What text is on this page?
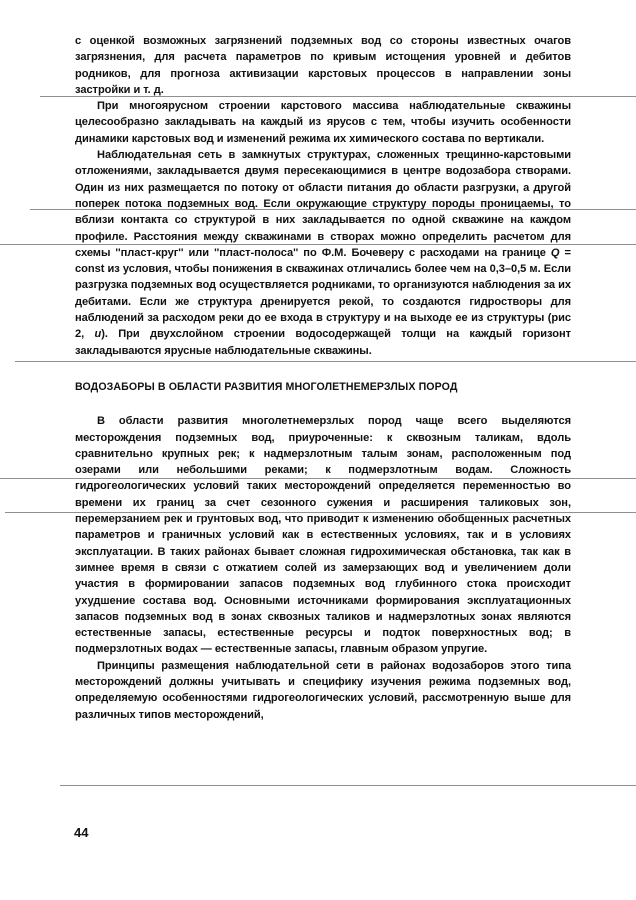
с оценкой возможных загрязнений подземных вод со стороны известных очагов загрязнения, для расчета параметров по кривым истощения уровней и дебитов родников, для прогноза активизации карстовых процессов в направлении зоны застройки и т. д.

При многоярусном строении карстового массива наблюдательные скважины целесообразно закладывать на каждый из ярусов с тем, чтобы изучить особенности динамики карстовых вод и изменений режима их химического состава по вертикали.

Наблюдательная сеть в замкнутых структурах, сложенных трещинно-карстовыми отложениями, закладывается двумя пересекающимися в центре водозабора створами. Один из них размещается по потоку от области питания до области разгрузки, а другой поперек потока подземных вод. Если окружающие структуру породы проницаемы, то вблизи контакта со структурой в них закладывается по одной скважине на каждом профиле. Расстояния между скважинами в створах можно определить расчетом для схемы ''пласт-круг'' или ''пласт-полоса'' по Ф.М. Бочеверу с расходами на границе Q = const из условия, чтобы понижения в скважинах отличались более чем на 0,3–0,5 м. Если разгрузка подземных вод осуществляется родниками, то организуются наблюдения за их дебитами. Если же структура дренируется рекой, то создаются гидростворы для наблюдений за расходом реки до ее входа в структуру и на выходе ее из структуры (рис 2, и). При двухслойном строении водосодержащей толщи на каждый горизонт закладываются ярусные наблюдательные скважины.

ВОДОЗАБОРЫ В ОБЛАСТИ РАЗВИТИЯ МНОГОЛЕТНЕМЕРЗЛЫХ ПОРОД

В области развития многолетнемерзлых пород чаще всего выделяются месторождения подземных вод, приуроченные: к сквозным таликам, вдоль сравнительно крупных рек; к надмерзлотным талым зонам, расположенным под озерами или небольшими реками; к подмерзлотным водам. Сложность гидрогеологических условий таких месторождений определяется переменностью во времени их границ за счет сезонного сужения и расширения таликовых зон, перемерзанием рек и грунтовых вод, что приводит к изменению обобщенных расчетных параметров и граничных условий как в естественных условиях, так и в условиях эксплуатации. В таких районах бывает сложная гидрохимическая обстановка, так как в зимнее время в связи с отжатием солей из замерзающих вод и увеличением доли участия в формировании запасов подземных вод глубинного стока происходит ухудшение состава вод. Основными источниками формирования эксплуатационных запасов подземных вод в зонах сквозных таликов и надмерзлотных зонах являются естественные запасы, естественные ресурсы и подток поверхностных вод; в подмерзлотных водах — естественные запасы, главным образом упругие.

Принципы размещения наблюдательной сети в районах водозаборов этого типа месторождений должны учитывать и специфику изучения режима подземных вод, определяемую особенностями гидрогеологических условий, рассмотренную выше для различных типов месторождений,

44
